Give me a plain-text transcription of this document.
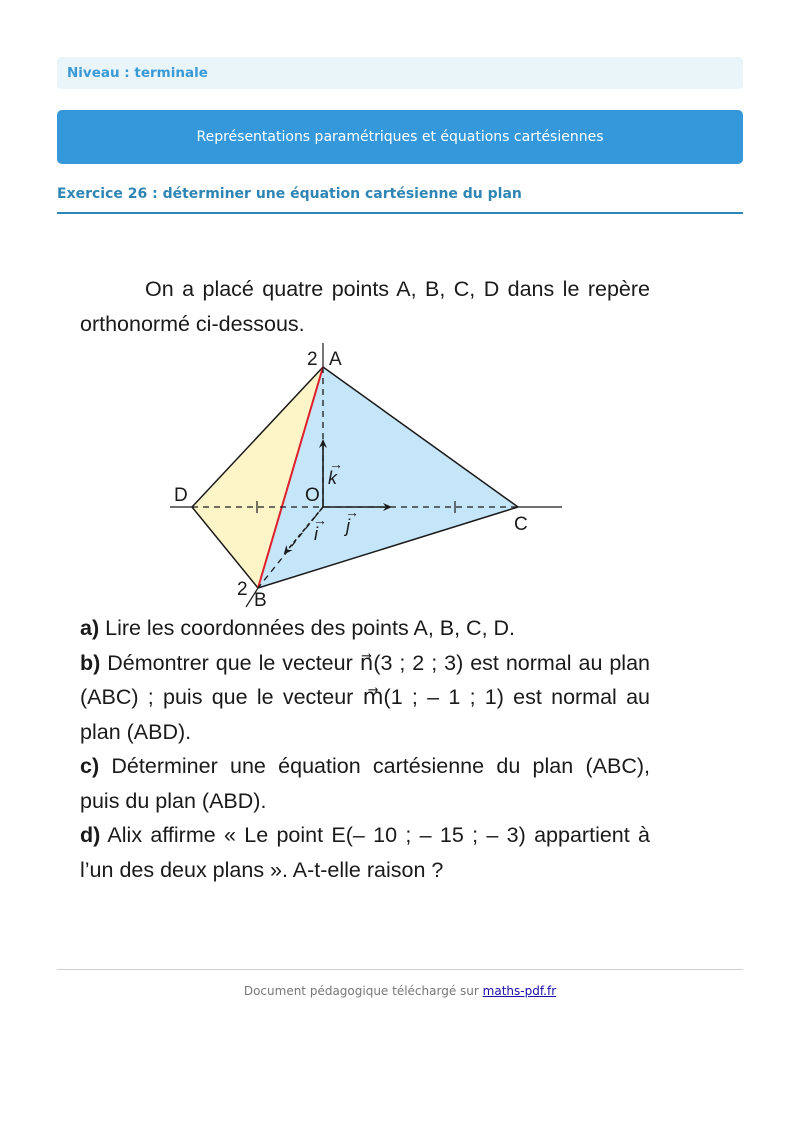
Niveau : terminale
Représentations paramétriques et équations cartésiennes
Exercice 26 : déterminer une équation cartésienne du plan

On a placé quatre points A, B, C, D dans le repère orthonormé ci-dessous.

A
2
D	O
C
B
2
k
→
j
→
i
→

a) Lire les coordonnées des points A, B, C, D.

b) Démontrer que le vecteur n⃗(3 ; 2 ; 3) est normal au plan (ABC) ; puis que le vecteur m⃗(1 ; – 1 ; 1) est normal au plan (ABD).

c) Déterminer une équation cartésienne du plan (ABC), puis du plan (ABD).

d) Alix affirme « Le point E(– 10 ; – 15 ; – 3) appartient à l’un des deux plans ». A-t-elle raison ?

Document pédagogique téléchargé sur maths-pdf.fr
